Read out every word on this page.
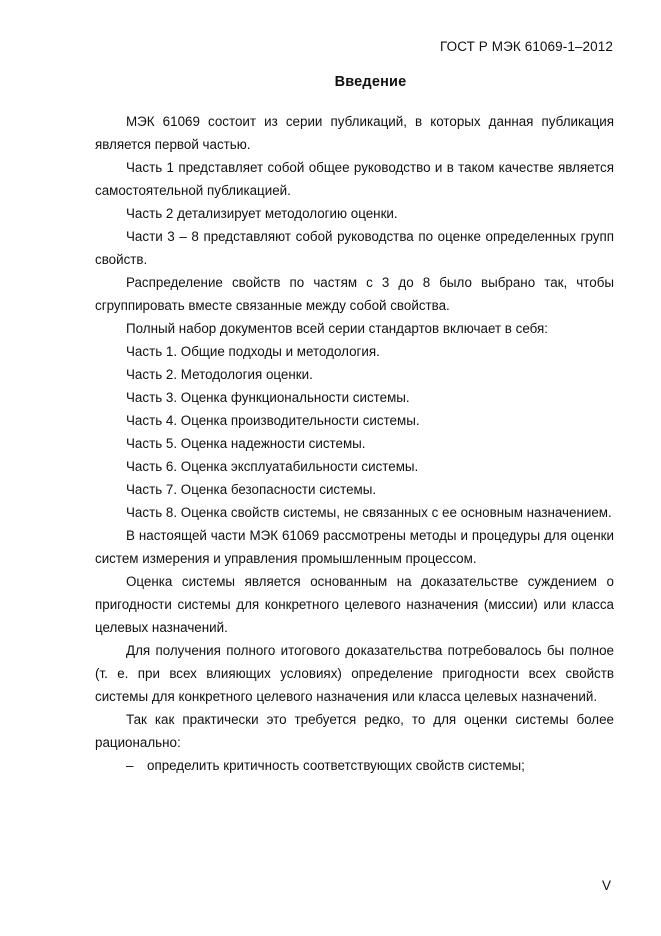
ГОСТ Р МЭК 61069-1–2012
Введение

МЭК 61069 состоит из серии публикаций, в которых данная публикация является первой частью.

Часть 1 представляет собой общее руководство и в таком качестве является самостоятельной публикацией.

Часть 2 детализирует методологию оценки.

Части 3 – 8 представляют собой руководства по оценке определенных групп свойств.

Распределение свойств по частям с 3 до 8 было выбрано так, чтобы сгруппировать вместе связанные между собой свойства.

Полный набор документов всей серии стандартов включает в себя:

Часть 1. Общие подходы и методология.

Часть 2. Методология оценки.

Часть 3. Оценка функциональности системы.

Часть 4. Оценка производительности системы.

Часть 5. Оценка надежности системы.

Часть 6. Оценка эксплуатабильности системы.

Часть 7. Оценка безопасности системы.

Часть 8. Оценка свойств системы, не связанных с ее основным назначением.

В настоящей части МЭК 61069 рассмотрены методы и процедуры для оценки систем измерения и управления промышленным процессом.

Оценка системы является основанным на доказательстве суждением о пригодности системы для конкретного целевого назначения (миссии) или класса целевых назначений.

Для получения полного итогового доказательства потребовалось бы полное (т. е. при всех влияющих условиях) определение пригодности всех свойств системы для конкретного целевого назначения или класса целевых назначений.

Так как практически это требуется редко, то для оценки системы более рационально:

– определить критичность соответствующих свойств системы;

V
